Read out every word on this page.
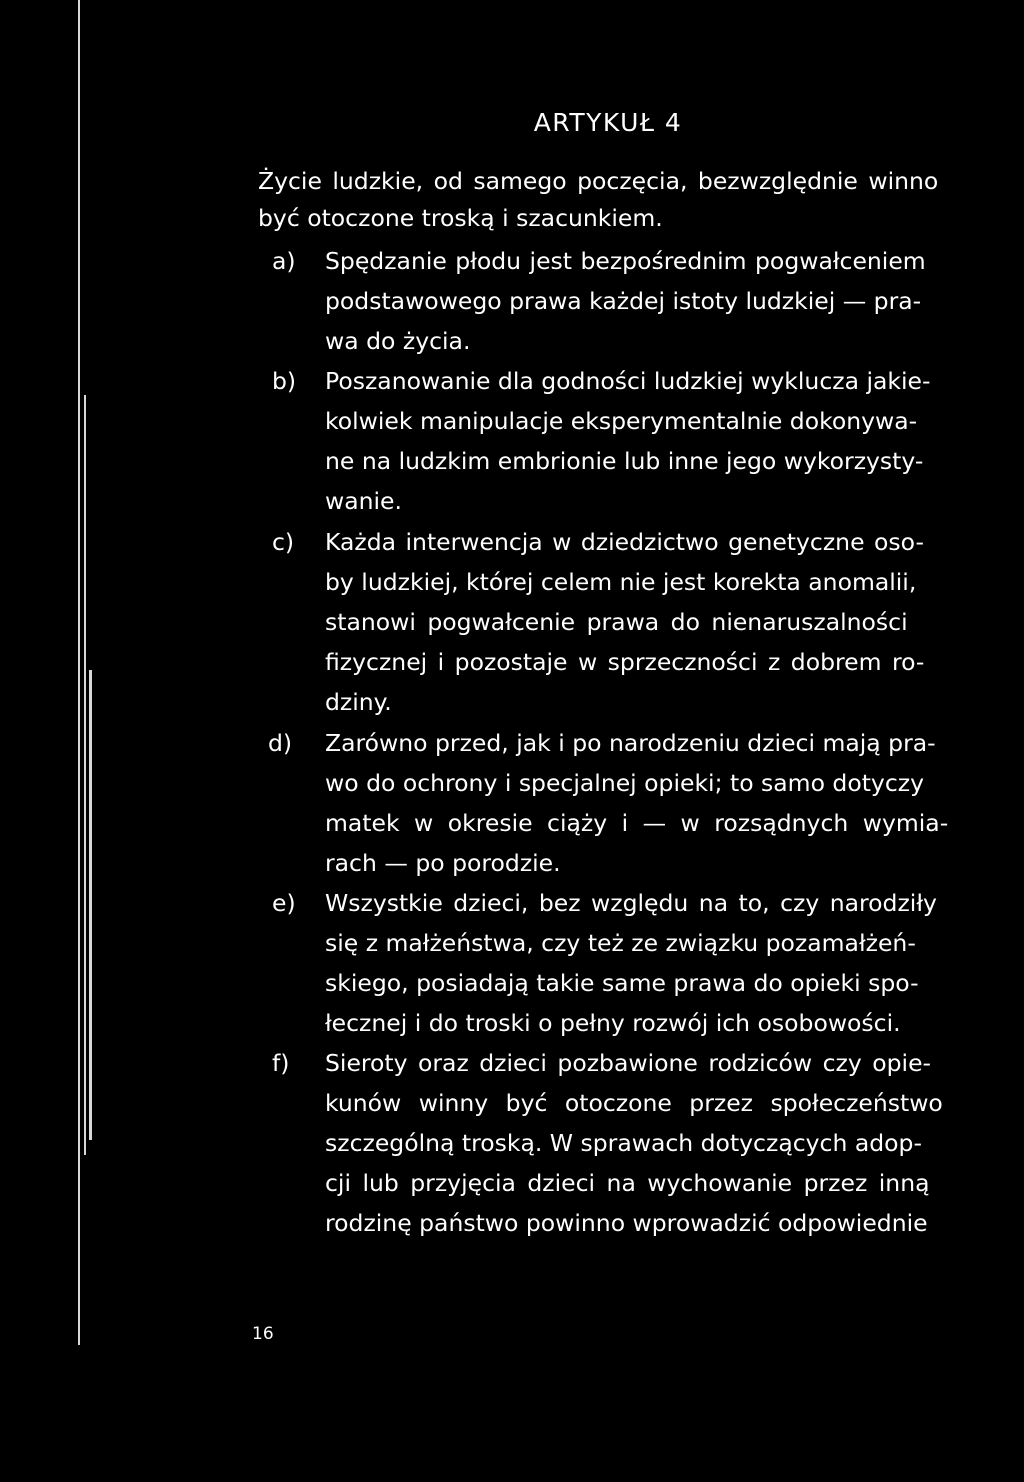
ARTYKUŁ 4
Życie ludzkie, od samego poczęcia, bezwzględnie winno
być otoczone troską i szacunkiem.
a) Spędzanie płodu jest bezpośrednim pogwałceniem
podstawowego prawa każdej istoty ludzkiej — pra-
wa do życia.
b) Poszanowanie dla godności ludzkiej wyklucza jakie-
kolwiek manipulacje eksperymentalnie dokonywa-
ne na ludzkim embrionie lub inne jego wykorzysty-
wanie.
c) Każda interwencja w dziedzictwo genetyczne oso-
by ludzkiej, której celem nie jest korekta anomalii,
stanowi pogwałcenie prawa do nienaruszalności
fizycznej i pozostaje w sprzeczności z dobrem ro-
dziny.
d) Zarówno przed, jak i po narodzeniu dzieci mają pra-
wo do ochrony i specjalnej opieki; to samo dotyczy
matek w okresie ciąży i — w rozsądnych wymia-
rach — po porodzie.
e) Wszystkie dzieci, bez względu na to, czy narodziły
się z małżeństwa, czy też ze związku pozamałżeń-
skiego, posiadają takie same prawa do opieki spo-
łecznej i do troski o pełny rozwój ich osobowości.
f) Sieroty oraz dzieci pozbawione rodziców czy opie-
kunów winny być otoczone przez społeczeństwo
szczególną troską. W sprawach dotyczących adop-
cji lub przyjęcia dzieci na wychowanie przez inną
rodzinę państwo powinno wprowadzić odpowiednie
16
